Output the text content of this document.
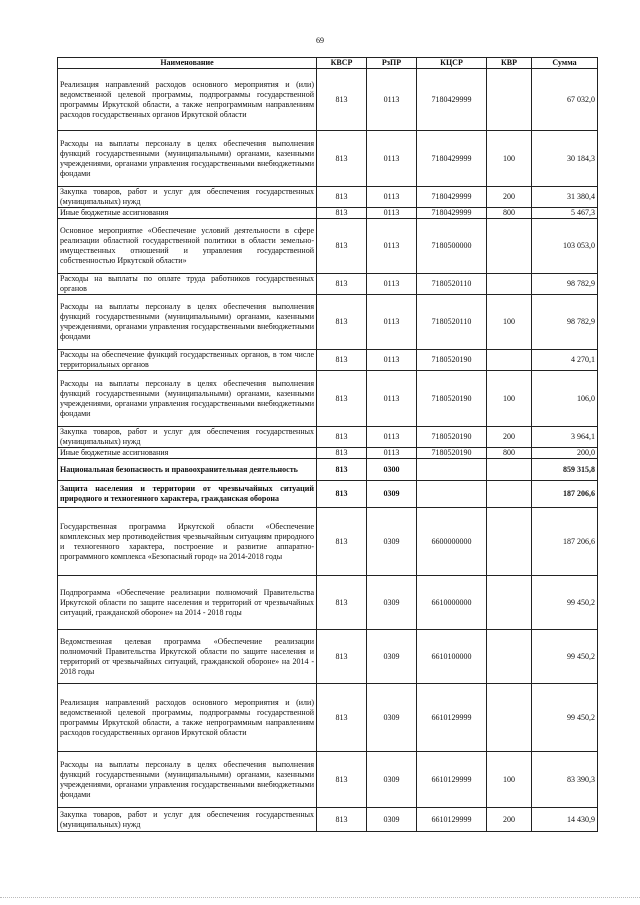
69
Наименование	КВСР	РзПР	КЦСР	КВР	Сумма
Реализация направлений расходов основного мероприятия и (или) ведомственной целевой программы, подпрограммы государственной программы Иркутской области, а также непрограммным направлениям расходов государственных органов Иркутской области	813	0113	7180429999		67 032,0
Расходы на выплаты персоналу в целях обеспечения выполнения функций государственными (муниципальными) органами, казенными учреждениями, органами управления государственными внебюджетными фондами	813	0113	7180429999	100	30 184,3
Закупка товаров, работ и услуг для обеспечения государственных (муниципальных) нужд	813	0113	7180429999	200	31 380,4
Иные бюджетные ассигнования	813	0113	7180429999	800	5 467,3
Основное мероприятие «Обеспечение условий деятельности в сфере реализации областной государственной политики в области земельно-имущественных отношений и управления государственной собственностью Иркутской области»	813	0113	7180500000		103 053,0
Расходы на выплаты по оплате труда работников государственных органов	813	0113	7180520110		98 782,9
Расходы на выплаты персоналу в целях обеспечения выполнения функций государственными (муниципальными) органами, казенными учреждениями, органами управления государственными внебюджетными фондами	813	0113	7180520110	100	98 782,9
Расходы на обеспечение функций государственных органов, в том числе территориальных органов	813	0113	7180520190		4 270,1
Расходы на выплаты персоналу в целях обеспечения выполнения функций государственными (муниципальными) органами, казенными учреждениями, органами управления государственными внебюджетными фондами	813	0113	7180520190	100	106,0
Закупка товаров, работ и услуг для обеспечения государственных (муниципальных) нужд	813	0113	7180520190	200	3 964,1
Иные бюджетные ассигнования	813	0113	7180520190	800	200,0
Национальная безопасность и правоохранительная деятельность	813	0300			859 315,8
Защита населения и территории от чрезвычайных ситуаций природного и техногенного характера, гражданская оборона	813	0309			187 206,6
Государственная программа Иркутской области «Обеспечение комплексных мер противодействия чрезвычайным ситуациям природного и техногенного характера, построение и развитие аппаратно-программного комплекса «Безопасный город» на 2014-2018 годы	813	0309	6600000000		187 206,6
Подпрограмма «Обеспечение реализации полномочий Правительства Иркутской области по защите населения и территорий от чрезвычайных ситуаций, гражданской обороне» на 2014 - 2018 годы	813	0309	6610000000		99 450,2
Ведомственная целевая программа «Обеспечение реализации полномочий Правительства Иркутской области по защите населения и территорий от чрезвычайных ситуаций, гражданской обороне» на 2014 - 2018 годы	813	0309	6610100000		99 450,2
Реализация направлений расходов основного мероприятия и (или) ведомственной целевой программы, подпрограммы государственной программы Иркутской области, а также непрограммным направлениям расходов государственных органов Иркутской области	813	0309	6610129999		99 450,2
Расходы на выплаты персоналу в целях обеспечения выполнения функций государственными (муниципальными) органами, казенными учреждениями, органами управления государственными внебюджетными фондами	813	0309	6610129999	100	83 390,3
Закупка товаров, работ и услуг для обеспечения государственных (муниципальных) нужд	813	0309	6610129999	200	14 430,9
